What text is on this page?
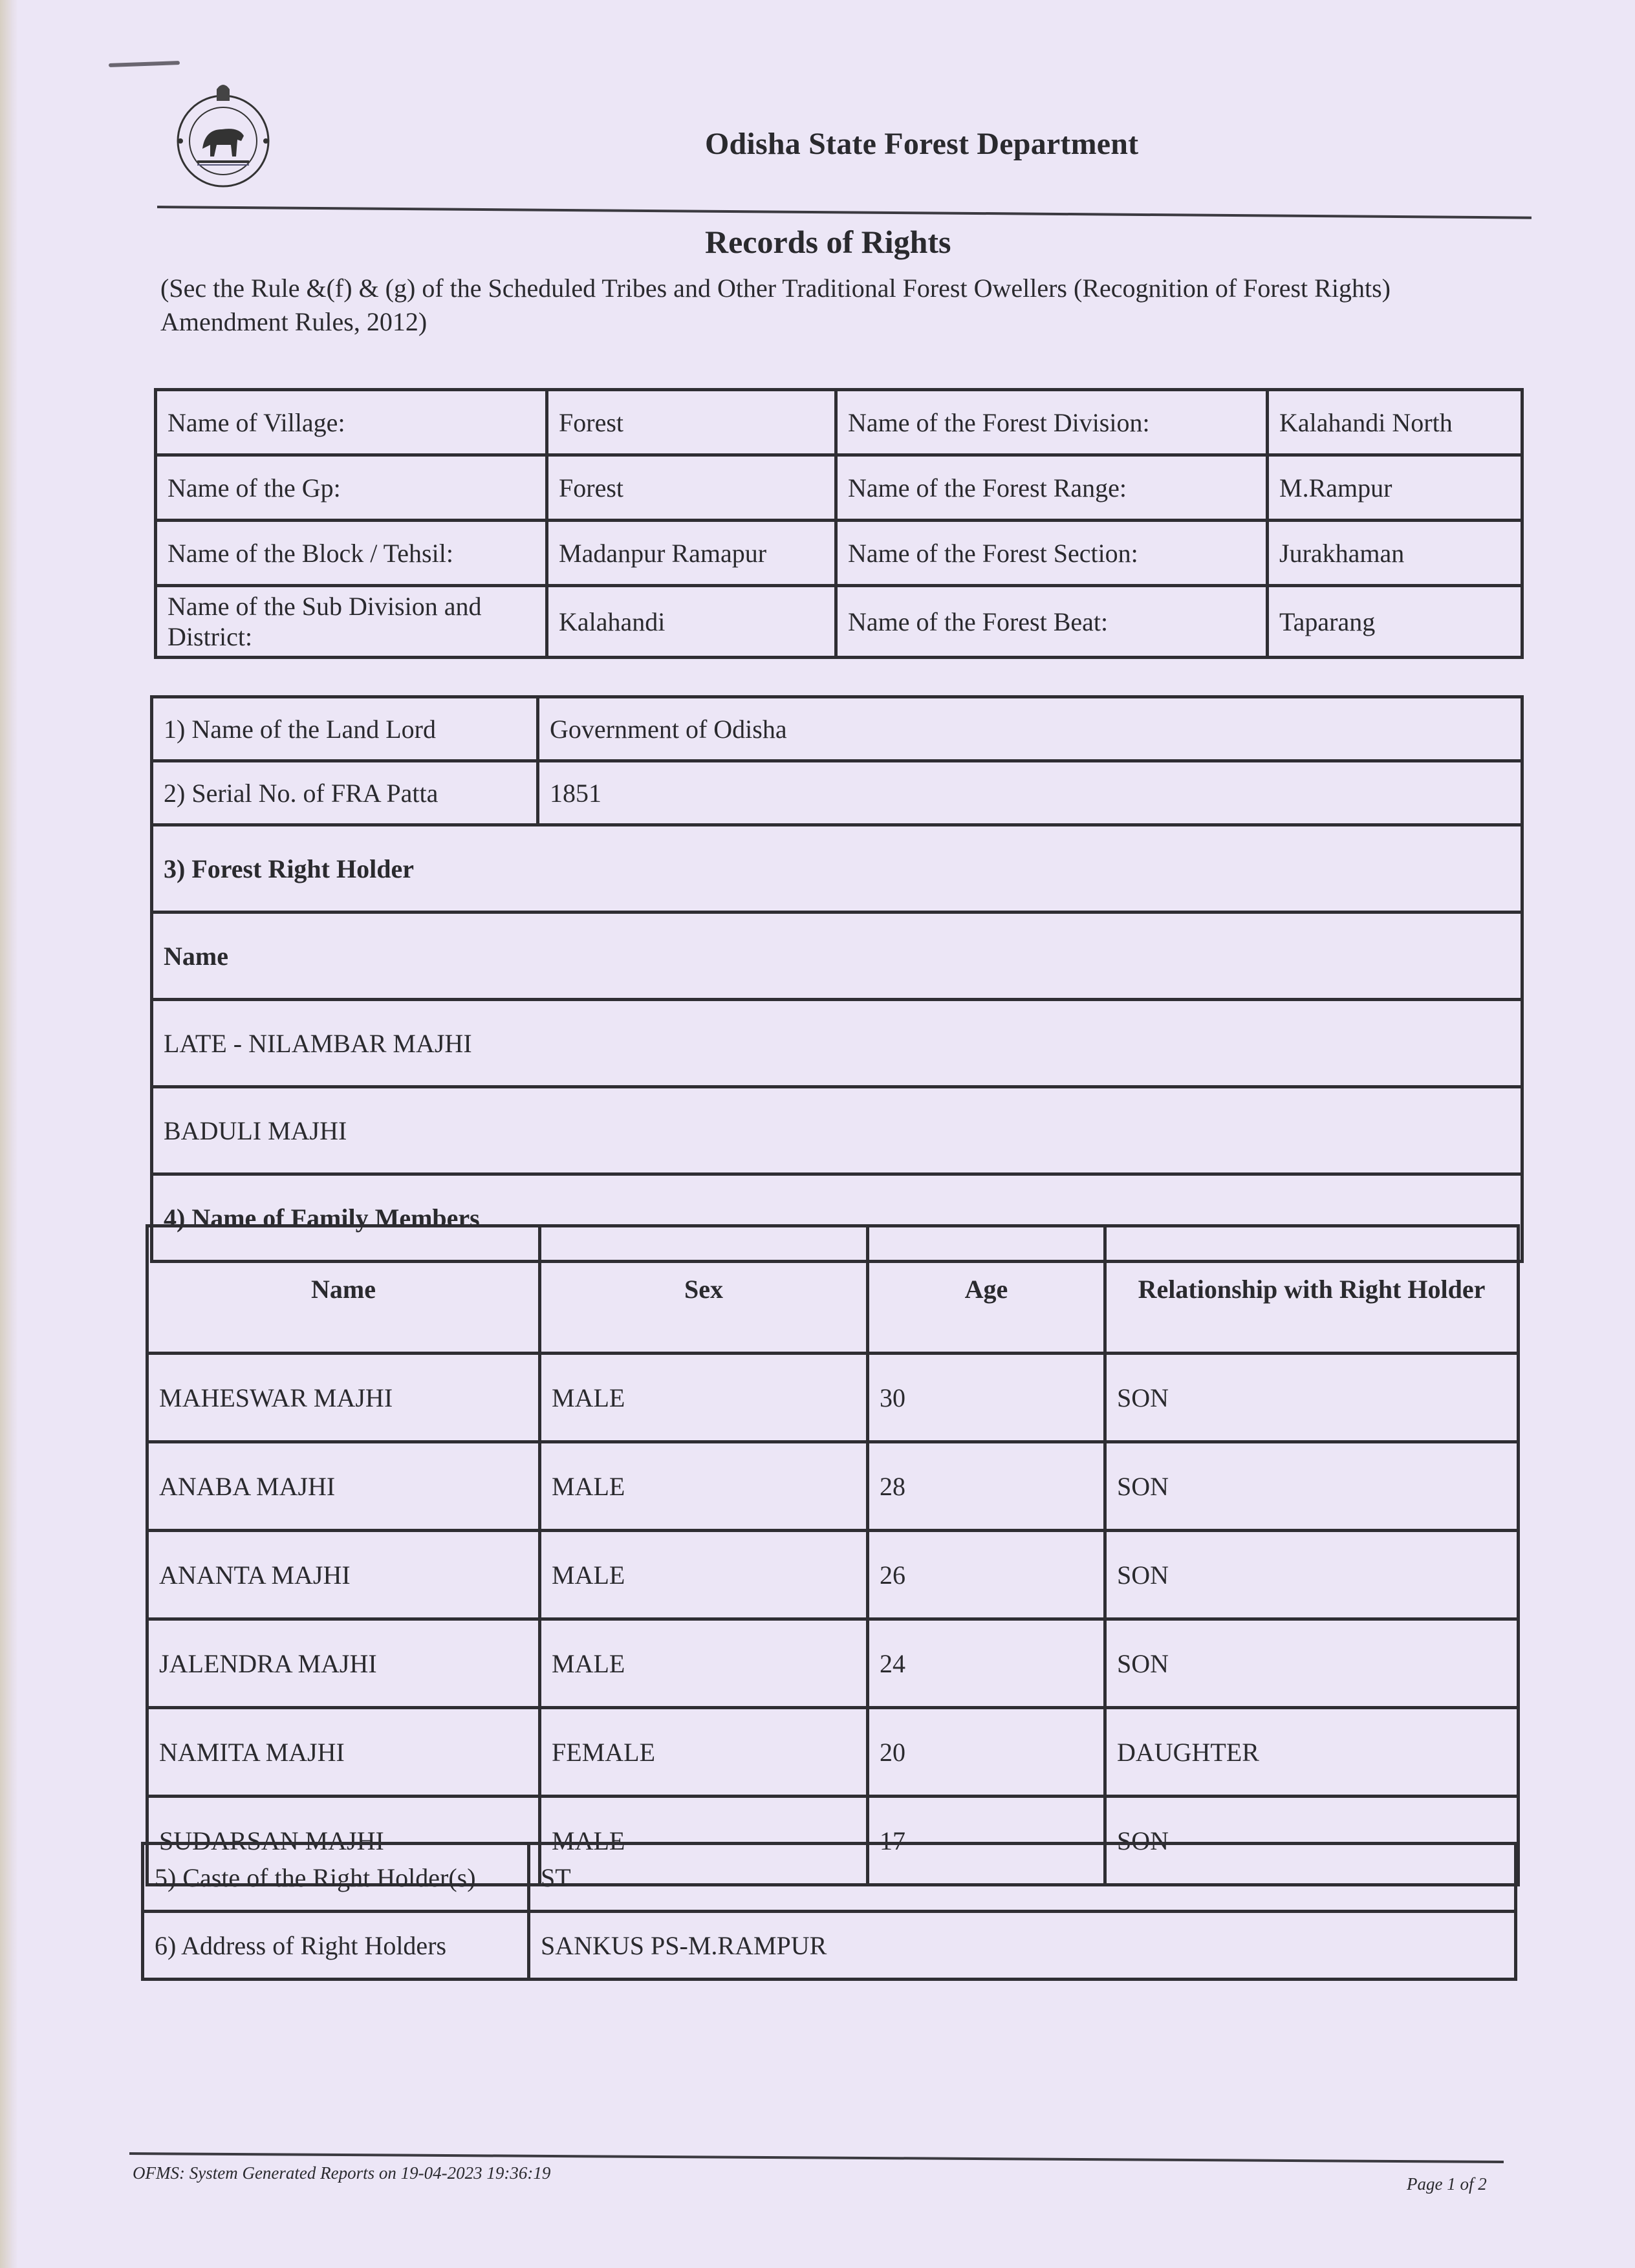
Odisha State Forest Department
Records of Rights
(Sec the Rule &(f) & (g) of the Scheduled Tribes and Other Traditional Forest Owellers (Recognition of Forest Rights) Amendment Rules, 2012)
Name of Village:	Forest	Name of the Forest Division:	Kalahandi North
Name of the Gp:	Forest	Name of the Forest Range:	M.Rampur
Name of the Block / Tehsil:	Madanpur Ramapur	Name of the Forest Section:	Jurakhaman
Name of the Sub Division and District:	Kalahandi	Name of the Forest Beat:	Taparang
1) Name of the Land Lord	Government of Odisha
2) Serial No. of FRA Patta	1851
3) Forest Right Holder	
Name	
LATE - NILAMBAR MAJHI	
BADULI MAJHI	
4) Name of Family Members	
Name	Sex	Age	Relationship with Right Holder
MAHESWAR MAJHI	MALE	30	SON
ANABA MAJHI	MALE	28	SON
ANANTA MAJHI	MALE	26	SON
JALENDRA MAJHI	MALE	24	SON
NAMITA MAJHI	FEMALE	20	DAUGHTER
SUDARSAN MAJHI	MALE	17	SON
5) Caste of the Right Holder(s)	ST
6) Address of Right Holders	SANKUS PS-M.RAMPUR
OFMS: System Generated Reports on 19-04-2023 19:36:19
Page 1 of 2
